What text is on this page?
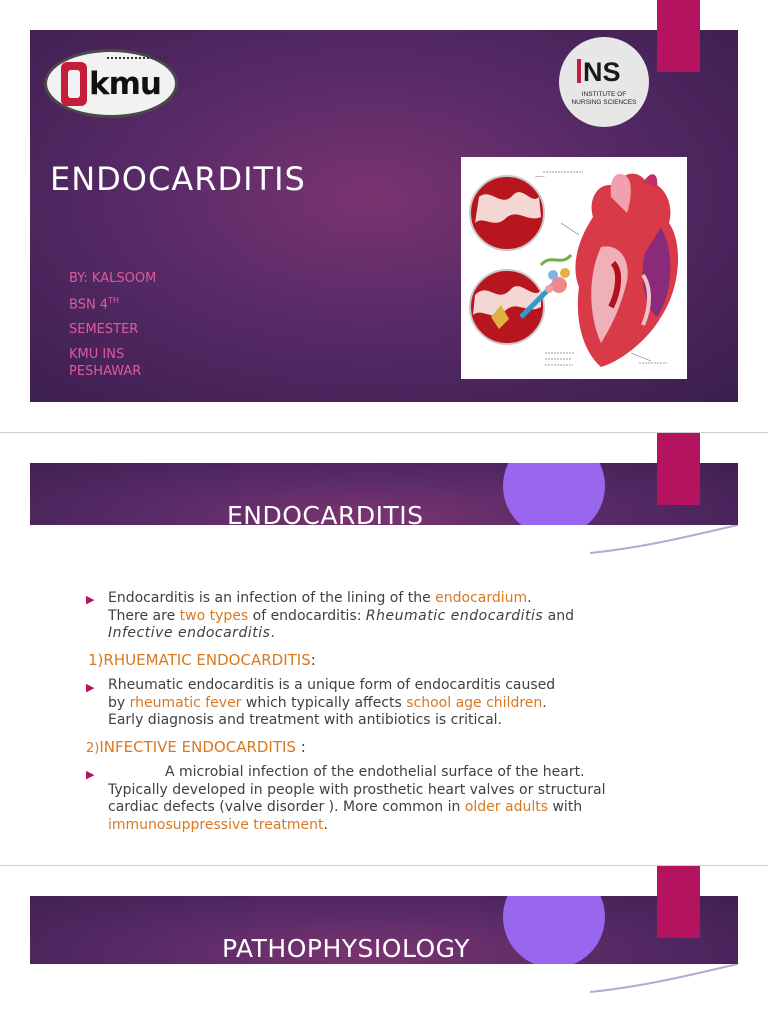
kmu	NS
INSTITUTE OF NURSING SCIENCES
ENDOCARDITIS
BY: KALSOOM
BSN 4TH
SEMESTER
KMU INS
PESHAWAR
ENDOCARDITIS
▶ Endocarditis is an infection of the lining of the endocardium.
There are two types of endocarditis: Rheumatic endocarditis and
Infective endocarditis.
1)RHUEMATIC ENDOCARDITIS:
▶ Rheumatic endocarditis is a unique form of endocarditis caused
by rheumatic fever which typically affects school age children.
Early diagnosis and treatment with antibiotics is critical.
2)INFECTIVE ENDOCARDITIS :
▶	A microbial infection of the endothelial surface of the heart.
Typically developed in people with prosthetic heart valves or structural
cardiac defects (valve disorder ). More common in older adults with
immunosuppressive treatment.
PATHOPHYSIOLOGY
